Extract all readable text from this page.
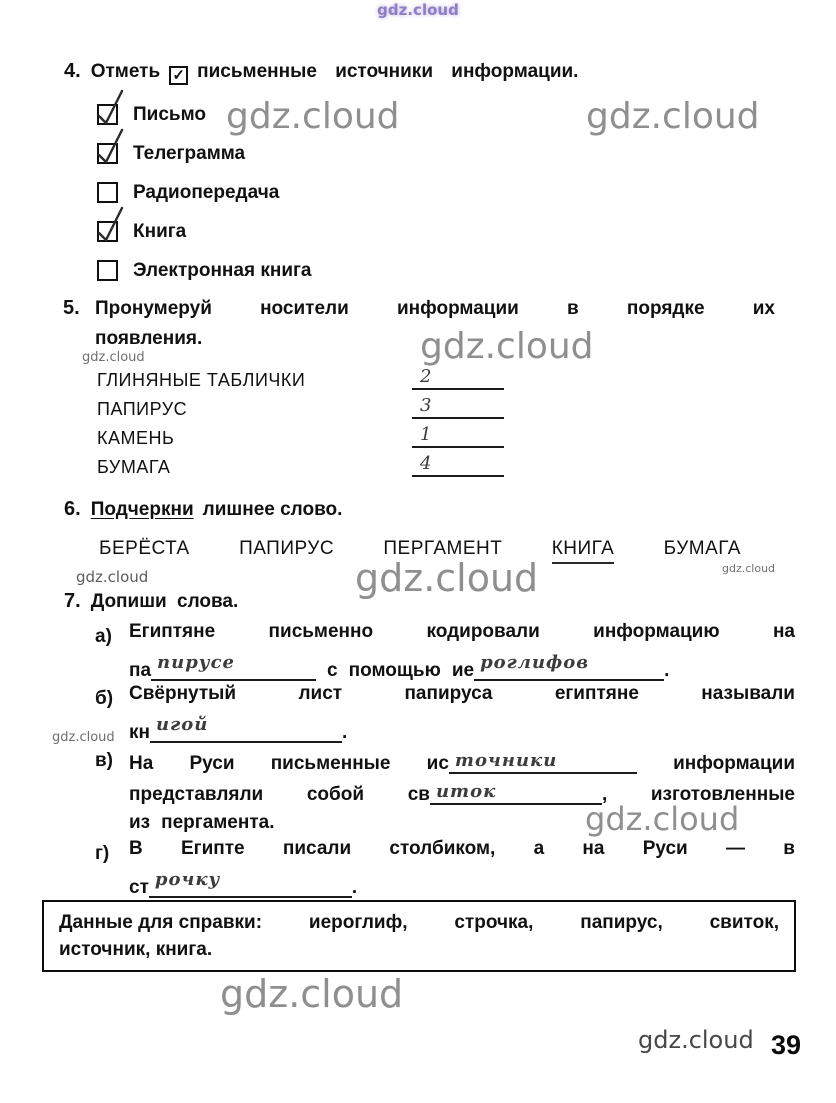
gdz.cloud
gdz.cloud	gdz.cloud
gdz.cloud	gdz.cloud
gdz.cloud	gdz.cloud	gdz.cloud
gdz.cloud
gdz.cloud
gdz.cloud
gdz.cloud
4. Отметь ✓ письменные источники информации.
Письмо
Телеграмма
Радиопередача
Книга
Электронная книга
5. Пронумеруй	носители	информации	в	порядке	их
появления.
ГЛИНЯНЫЕ ТАБЛИЧКИ	2
ПАПИРУС	3
КАМЕНЬ	1
БУМАГА	4
6. Подчеркни лишнее слово.
БЕРЁСТА	ПАПИРУС	ПЕРГАМЕНТ	КНИГА	БУМАГА
7. Допиши слова.
а) Египтяне	письменно	кодировали	информацию	на
па пирусе	с помощью ие роглифов	.
б) Свёрнутый	лист	папируса	египтяне	называли
кн игой	.
в) На Руси письменные ис точники	информации
представляли собой св иток	, изготовленные
из пергамента.
г)	В Египте писали столбиком, а на Руси — в
ст рочку	.
Данные для справки: иероглиф, строчка, папирус, свиток,
источник, книга.
39
